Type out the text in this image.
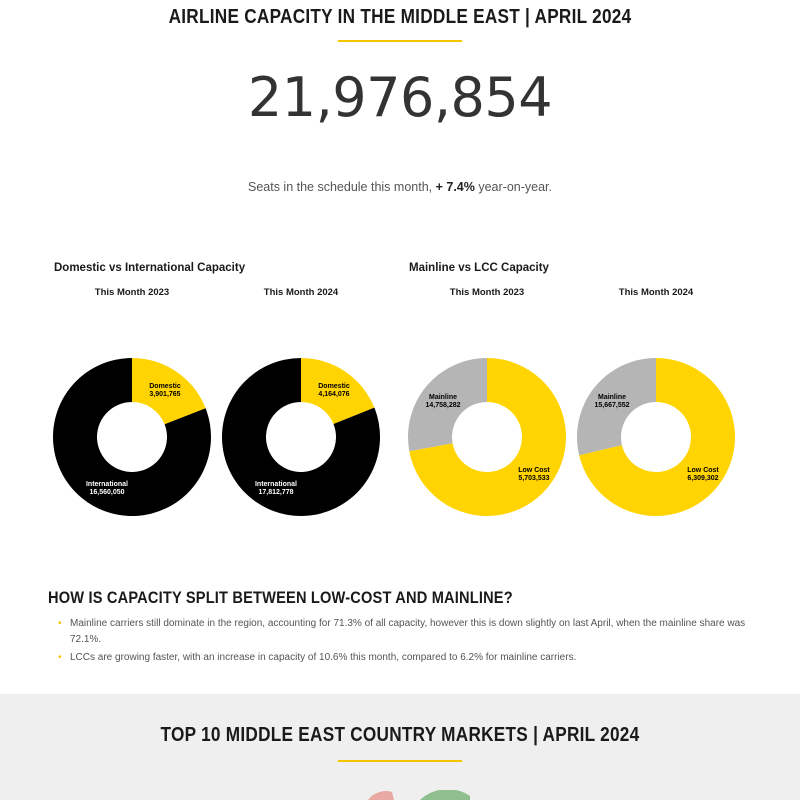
AIRLINE CAPACITY IN THE MIDDLE EAST | APRIL 2024
21,976,854
Seats in the schedule this month, + 7.4% year-on-year.
Domestic vs International Capacity	Mainline vs LCC Capacity
This Month 2023	This Month 2024	This Month 2023	This Month 2024
Domestic
3,901,765
International
16,560,050
Domestic
4,164,076
International
17,812,778
Low Cost
5,703,533
Mainline
14,758,282
Low Cost
6,309,302
Mainline
15,667,552
HOW IS CAPACITY SPLIT BETWEEN LOW-COST AND MAINLINE?
• Mainline carriers still dominate in the region, accounting for 71.3% of all capacity, however this is down slightly on last April, when the mainline share was 72.1%.
• LCCs are growing faster, with an increase in capacity of 10.6% this month, compared to 6.2% for mainline carriers.
TOP 10 MIDDLE EAST COUNTRY MARKETS | APRIL 2024
